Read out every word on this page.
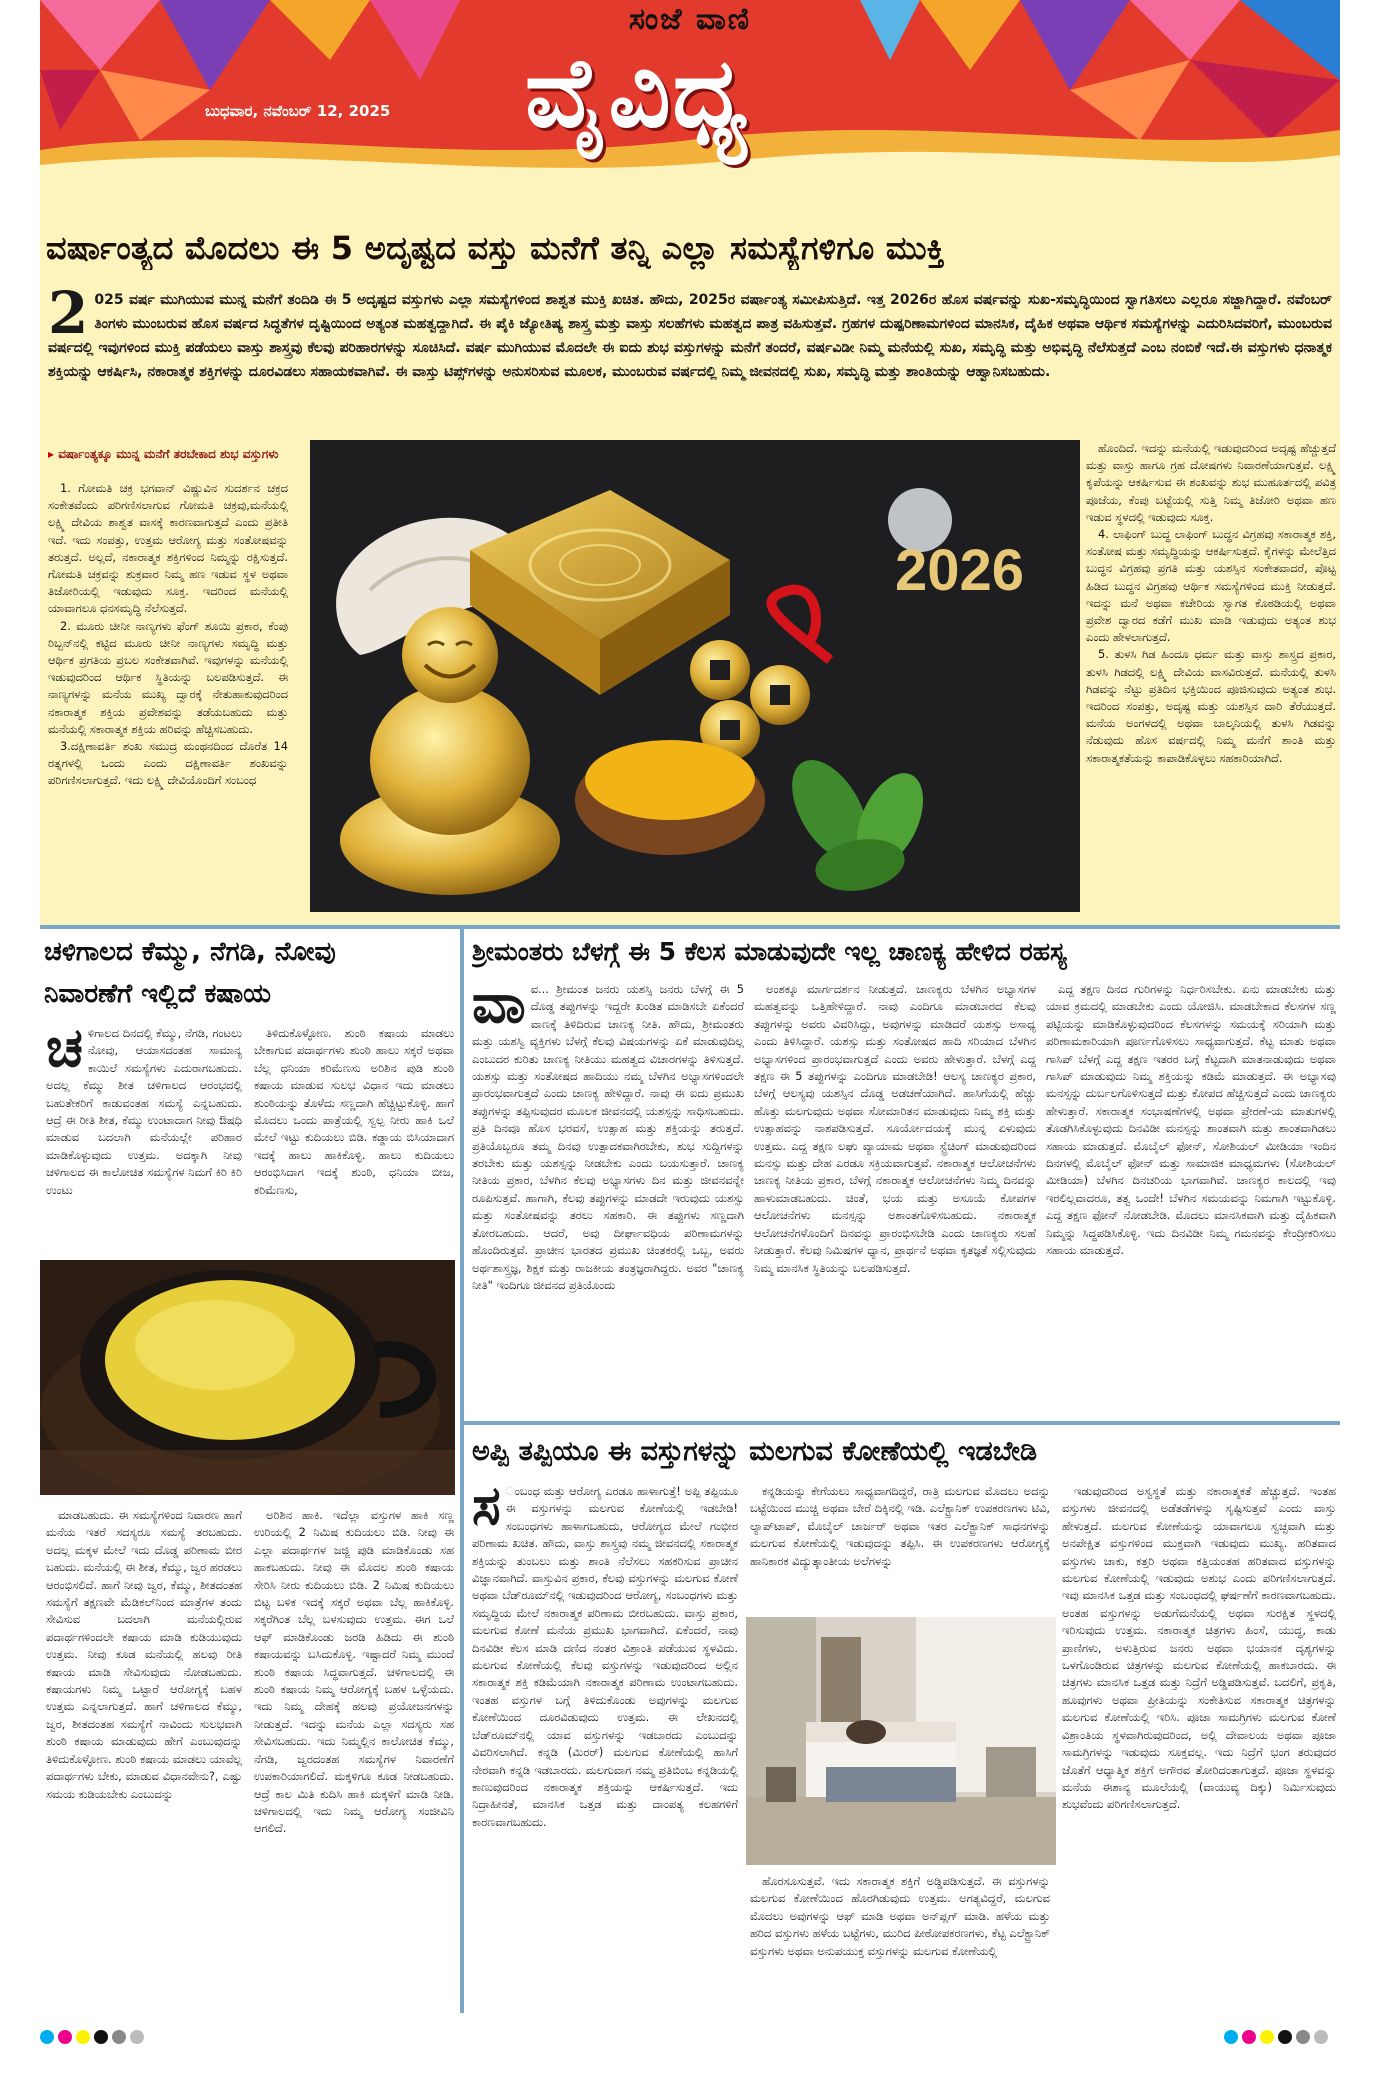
ಸಂಜೆ ವಾಣಿ
ವೈವಿಧ್ಯ
ಬುಧವಾರ, ನವೆಂಬರ್ 12, 2025
ವರ್ಷಾಂತ್ಯದ ಮೊದಲು ಈ 5 ಅದೃಷ್ಟದ ವಸ್ತು ಮನೆಗೆ ತನ್ನಿ ಎಲ್ಲಾ ಸಮಸ್ಯೆಗಳಿಗೂ ಮುಕ್ತಿ
2 025 ವರ್ಷ ಮುಗಿಯುವ ಮುನ್ನ ಮನೆಗೆ ತಂದಿಡಿ ಈ 5 ಅದೃಷ್ಟದ ವಸ್ತುಗಳು ಎಲ್ಲಾ ಸಮಸ್ಯೆಗಳಿಂದ ಶಾಶ್ವತ ಮುಕ್ತಿ ಖಚಿತ. ಹೌದು, 2025ರ ವರ್ಷಾಂತ್ಯ ಸಮೀಪಿಸುತ್ತಿದೆ. ಇತ್ತ 2026ರ ಹೊಸ ವರ್ಷವನ್ನು ಸುಖ-ಸಮೃದ್ಧಿಯಿಂದ ಸ್ವಾಗತಿಸಲು ಎಲ್ಲರೂ ಸಜ್ಜಾಗಿದ್ದಾರೆ. ನವೆಂಬರ್ ತಿಂಗಳು ಮುಂಬರುವ ಹೊಸ ವರ್ಷದ ಸಿದ್ಧತೆಗಳ ದೃಷ್ಟಿಯಿಂದ ಅತ್ಯಂತ ಮಹತ್ವದ್ದಾಗಿದೆ. ಈ ಪೈಕಿ ಜ್ಯೋತಿಷ್ಯ ಶಾಸ್ತ್ರ ಮತ್ತು ವಾಸ್ತು ಸಲಹೆಗಳು ಮಹತ್ವದ ಪಾತ್ರ ವಹಿಸುತ್ತವೆ. ಗ್ರಹಗಳ ದುಷ್ಪರಿಣಾಮಗಳಿಂದ ಮಾನಸಿಕ, ದೈಹಿಕ ಅಥವಾ ಆರ್ಥಿಕ ಸಮಸ್ಯೆಗಳನ್ನು ಎದುರಿಸಿದವರಿಗೆ, ಮುಂಬರುವ ವರ್ಷದಲ್ಲಿ ಇವುಗಳಿಂದ ಮುಕ್ತಿ ಪಡೆಯಲು ವಾಸ್ತು ಶಾಸ್ತ್ರವು ಕೆಲವು ಪರಿಹಾರಗಳನ್ನು ಸೂಚಿಸಿದೆ. ವರ್ಷ ಮುಗಿಯುವ ಮೊದಲೇ ಈ ಐದು ಶುಭ ವಸ್ತುಗಳನ್ನು ಮನೆಗೆ ತಂದರೆ, ವರ್ಷವಿಡೀ ನಿಮ್ಮ ಮನೆಯಲ್ಲಿ ಸುಖ, ಸಮೃದ್ಧಿ ಮತ್ತು ಅಭಿವೃದ್ಧಿ ನೆಲೆಸುತ್ತದೆ ಎಂಬ ನಂಬಿಕೆ ಇದೆ.ಈ ವಸ್ತುಗಳು ಧನಾತ್ಮಕ ಶಕ್ತಿಯನ್ನು ಆಕರ್ಷಿಸಿ, ನಕಾರಾತ್ಮಕ ಶಕ್ತಿಗಳನ್ನು ದೂರವಿಡಲು ಸಹಾಯಕವಾಗಿವೆ. ಈ ವಾಸ್ತು ಟಿಪ್ಸ್‌ಗಳನ್ನು ಅನುಸರಿಸುವ ಮೂಲಕ, ಮುಂಬರುವ ವರ್ಷದಲ್ಲಿ ನಿಮ್ಮ ಜೀವನದಲ್ಲಿ ಸುಖ, ಸಮೃದ್ಧಿ ಮತ್ತು ಶಾಂತಿಯನ್ನು ಆಹ್ವಾನಿಸಬಹುದು.
▸ ವರ್ಷಾಂತ್ಯಕ್ಕೂ ಮುನ್ನ ಮನೆಗೆ ತರಬೇಕಾದ ಶುಭ ವಸ್ತುಗಳು

1. ಗೋಮತಿ ಚಕ್ರ ಭಗವಾನ್ ವಿಷ್ಣುವಿನ ಸುದರ್ಶನ ಚಕ್ರದ ಸಂಕೇತವೆಂದು ಪರಿಗಣಿಸಲಾಗುವ ಗೋಮತಿ ಚಕ್ರವು,ಮನೆಯಲ್ಲಿ ಲಕ್ಷ್ಮಿ ದೇವಿಯ ಶಾಶ್ವತ ವಾಸಕ್ಕೆ ಕಾರಣವಾಗುತ್ತದೆ ಎಂದು ಪ್ರತೀತಿ ಇದೆ. ಇದು ಸಂಪತ್ತು, ಉತ್ತಮ ಆರೋಗ್ಯ ಮತ್ತು ಸಂತೋಷವನ್ನು ತರುತ್ತದೆ. ಅಲ್ಲದೆ, ನಕಾರಾತ್ಮಕ ಶಕ್ತಿಗಳಿಂದ ನಿಮ್ಮನ್ನು ರಕ್ಷಿಸುತ್ತದೆ. ಗೋಮತಿ ಚಕ್ರವನ್ನು ಶುಕ್ರವಾರ ನಿಮ್ಮ ಹಣ ಇಡುವ ಸ್ಥಳ ಅಥವಾ ತಿಜೋರಿಯಲ್ಲಿ ಇಡುವುದು ಸೂಕ್ತ. ಇದರಿಂದ ಮನೆಯಲ್ಲಿ ಯಾವಾಗಲೂ ಧನಸಮೃದ್ಧಿ ನೆಲೆಸುತ್ತದೆ.

2. ಮೂರು ಚೀನೀ ನಾಣ್ಯಗಳು ಫೆಂಗ್ ಶೂಯಿ ಪ್ರಕಾರ, ಕೆಂಪು ರಿಬ್ಬನ್‌ನಲ್ಲಿ ಕಟ್ಟಿದ ಮೂರು ಚೀನೀ ನಾಣ್ಯಗಳು ಸಮೃದ್ಧಿ ಮತ್ತು ಆರ್ಥಿಕ ಪ್ರಗತಿಯ ಪ್ರಬಲ ಸಂಕೇತವಾಗಿವೆ. ಇವುಗಳನ್ನು ಮನೆಯಲ್ಲಿ ಇಡುವುದರಿಂದ ಆರ್ಥಿಕ ಸ್ಥಿತಿಯನ್ನು ಬಲಪಡಿಸುತ್ತದೆ. ಈ ನಾಣ್ಯಗಳನ್ನು ಮನೆಯ ಮುಖ್ಯ ದ್ವಾರಕ್ಕೆ ನೇತುಹಾಕುವುದರಿಂದ ನಕಾರಾತ್ಮಕ ಶಕ್ತಿಯ ಪ್ರವೇಶವನ್ನು ತಡೆಯಬಹುದು ಮತ್ತು ಮನೆಯಲ್ಲಿ ಸಕಾರಾತ್ಮಕ ಶಕ್ತಿಯ ಹರಿವನ್ನು ಹೆಚ್ಚಿಸಬಹುದು.

3.ದಕ್ಷಿಣಾವರ್ತಿ ಶಂಖ ಸಮುದ್ರ ಮಂಥನದಿಂದ ದೊರೆತ 14 ರತ್ನಗಳಲ್ಲಿ ಒಂದು ಎಂದು ದಕ್ಷಿಣಾವರ್ತಿ ಶಂಖವನ್ನು ಪರಿಗಣಿಸಲಾಗುತ್ತದೆ. ಇದು ಲಕ್ಷ್ಮಿ ದೇವಿಯೊಂದಿಗೆ ಸಂಬಂಧ

2026

ಹೊಂದಿದೆ. ಇದನ್ನು ಮನೆಯಲ್ಲಿ ಇಡುವುದರಿಂದ ಅದೃಷ್ಟ ಹೆಚ್ಚುತ್ತದೆ ಮತ್ತು ವಾಸ್ತು ಹಾಗೂ ಗ್ರಹ ದೋಷಗಳು ನಿವಾರಣೆಯಾಗುತ್ತವೆ. ಲಕ್ಷ್ಮಿ ಕೃಪೆಯನ್ನು ಆಕರ್ಷಿಸುವ ಈ ಶಂಖವನ್ನು ಶುಭ ಮುಹೂರ್ತದಲ್ಲಿ ಪವಿತ್ರ ಪೂಜೆಯ, ಕೆಂಪು ಬಟ್ಟೆಯಲ್ಲಿ ಸುತ್ತಿ ನಿಮ್ಮ ತಿಜೋರಿ ಅಥವಾ ಹಣ ಇಡುವ ಸ್ಥಳದಲ್ಲಿ ಇಡುವುದು ಸೂಕ್ತ.

4. ಲಾಫಿಂಗ್ ಬುದ್ಧ ಲಾಫಿಂಗ್ ಬುದ್ಧನ ವಿಗ್ರಹವು ಸಕಾರಾತ್ಮಕ ಶಕ್ತಿ, ಸಂತೋಷ ಮತ್ತು ಸಮೃದ್ಧಿಯನ್ನು ಆಕರ್ಷಿಸುತ್ತದೆ. ಕೈಗಳನ್ನು ಮೇಲೆತ್ತಿದ ಬುದ್ಧನ ವಿಗ್ರಹವು ಪ್ರಗತಿ ಮತ್ತು ಯಶಸ್ಸಿನ ಸಂಕೇತವಾದರೆ, ಪೊಟ್ಟ ಹಿಡಿದ ಬುದ್ಧನ ವಿಗ್ರಹವು ಆರ್ಥಿಕ ಸಮಸ್ಯೆಗಳಿಂದ ಮುಕ್ತಿ ನೀಡುತ್ತದೆ. ಇದನ್ನು ಮನೆ ಅಥವಾ ಕಚೇರಿಯ ಸ್ವಾಗತ ಕೊಠಡಿಯಲ್ಲಿ ಅಥವಾ ಪ್ರವೇಶ ದ್ವಾರದ ಕಡೆಗೆ ಮುಖ ಮಾಡಿ ಇಡುವುದು ಅತ್ಯಂತ ಶುಭ ಎಂದು ಹೇಳಲಾಗುತ್ತದೆ.

5. ತುಳಸಿ ಗಿಡ ಹಿಂದೂ ಧರ್ಮ ಮತ್ತು ವಾಸ್ತು ಶಾಸ್ತ್ರದ ಪ್ರಕಾರ, ತುಳಸಿ ಗಿಡದಲ್ಲಿ ಲಕ್ಷ್ಮಿ ದೇವಿಯ ವಾಸವಿರುತ್ತದೆ. ಮನೆಯಲ್ಲಿ ತುಳಸಿ ಗಿಡವನ್ನು ನೆಟ್ಟು ಪ್ರತಿದಿನ ಭಕ್ತಿಯಿಂದ ಪೂಜಿಸುವುದು ಅತ್ಯಂತ ಶುಭ. ಇದರಿಂದ ಸಂಪತ್ತು, ಅದೃಷ್ಟ ಮತ್ತು ಯಶಸ್ಸಿನ ದಾರಿ ತೆರೆಯುತ್ತದೆ. ಮನೆಯ ಅಂಗಳದಲ್ಲಿ ಅಥವಾ ಬಾಲ್ಕನಿಯಲ್ಲಿ ತುಳಸಿ ಗಿಡವನ್ನು ನೆಡುವುದು ಹೊಸ ವರ್ಷದಲ್ಲಿ ನಿಮ್ಮ ಮನೆಗೆ ಶಾಂತಿ ಮತ್ತು ಸಕಾರಾತ್ಮಕತೆಯನ್ನು ಕಾಪಾಡಿಕೊಳ್ಳಲು ಸಹಕಾರಿಯಾಗಿದೆ.

ಚಳಿಗಾಲದ ಕೆಮ್ಮು, ನೆಗಡಿ, ನೋವು
ನಿವಾರಣೆಗೆ ಇಲ್ಲಿದೆ ಕಷಾಯ
ಚ ಳಿಗಾಲದ ದಿನದಲ್ಲಿ ಕೆಮ್ಮು, ನೆಗಡಿ, ಗಂಟಲು ನೋವು, ಆಯಾಸದಂತಹ ಸಾಮಾನ್ಯ ಕಾಯಿಲೆ ಸಮಸ್ಯೆಗಳು ಎದುರಾಗಬಹುದು. ಅದಲ್ಲ ಕೆಮ್ಮು ಶೀತ ಚಳಿಗಾಲದ ಆರಂಭದಲ್ಲಿ ಬಹುತೇಕರಿಗೆ ಕಾಡುವಂತಹ ಸಮಸ್ಯೆ ಎನ್ನಬಹುದು. ಆದ್ರೆ ಈ ರೀತಿ ಶೀತ, ಕೆಮ್ಮು ಉಂಟಾದಾಗ ನೀವು ಔಷಧಿ ಮಾಡುವ ಬದಲಾಗಿ ಮನೆಯಲ್ಲೇ ಪರಿಹಾರ ಮಾಡಿಕೊಳ್ಳುವುದು ಉತ್ತಮ. ಅದಕ್ಕಾಗಿ ನೀವು ಚಳಿಗಾಲದ ಈ ಕಾಲೋಚಿತ ಸಮಸ್ಯೆಗಳ ನಿಮಗೆ ಕಿರಿ ಕಿರಿ ಉಂಟು

ತಿಳಿದುಕೊಳ್ಳೋಣ. ಶುಂಠಿ ಕಷಾಯ ಮಾಡಲು ಬೇಕಾಗುವ ಪದಾರ್ಥಗಳು ಶುಂಠಿ ಹಾಲು ಸಕ್ಕರೆ ಅಥವಾ ಬೆಲ್ಲ ಧನಿಯಾ ಕರಿಮೆಣಸು ಅರಿಶಿನ ಪುಡಿ ಶುಂಠಿ ಕಷಾಯ ಮಾಡುವ ಸುಲಭ ವಿಧಾನ ಇದು ಮಾಡಲು ಶುಂಠಿಯನ್ನು ತೊಳೆದು ಸಣ್ಣದಾಗಿ ಹೆಚ್ಚಿಟ್ಟುಕೊಳ್ಳಿ. ಹಾಗೆ ಮೊದಲು ಒಂದು ಪಾತ್ರೆಯಲ್ಲಿ ಸ್ವಲ್ಪ ನೀರು ಹಾಕಿ ಒಲೆ ಮೇಲೆ ಇಟ್ಟು ಕುದಿಯಲು ಬಿಡಿ. ಕಡ್ಡಾಯ ಬಿಸಿಯಾದಾಗ ಇದಕ್ಕೆ ಹಾಲು ಹಾಕಿಕೊಳ್ಳಿ. ಹಾಲು ಕುದಿಯಲು ಆರಂಭಿಸಿದಾಗ ಇದಕ್ಕೆ ಶುಂಠಿ, ಧನಿಯಾ ಬೀಜ, ಕರಿಮೆಣಸು,

ಮಾಡಬಹುದು. ಈ ಸಮಸ್ಯೆಗಳಿಂದ ನಿವಾರಣ ಹಾಗೆ ಮನೆಯ ಇತರೆ ಸದಸ್ಯರೂ ಸಮಸ್ಯೆ ತರಬಹುದು. ಅದಲ್ಲ ಮಕ್ಕಳ ಮೇಲೆ ಇದು ದೊಡ್ಡ ಪರಿಣಾಮ ಬೀರ ಬಹುದು. ಮನೆಯಲ್ಲಿ ಈ ಶೀತ, ಕೆಮ್ಮು, ಜ್ವರ ಹರಡಲು ಆರಂಭಿಸಲಿದೆ. ಹಾಗೆ ನೀವು ಜ್ವರ, ಕೆಮ್ಮು, ಶೀತದಂತಹ ಸಮಸ್ಯೆಗೆ ತಕ್ಷಣವೇ ಮೆಡಿಕಲ್‌ನಿಂದ ಮಾತ್ರೆಗಳ ತಂದು ಸೇವಿಸುವ ಬದಲಾಗಿ ಮನೆಯಲ್ಲಿರುವ ಪದಾರ್ಥಗಳಿಂದಲೇ ಕಷಾಯ ಮಾಡಿ ಕುಡಿಯುವುದು ಉತ್ತಮ. ನೀವು ಕೂಡ ಮನೆಯಲ್ಲಿ ಹಲವು ರೀತಿ ಕಷಾಯ ಮಾಡಿ ಸೇವಿಸುವುದು ನೋಡಬಹುದು. ಕಷಾಯಗಳು ನಿಮ್ಮ ಒಟ್ಟಾರೆ ಆರೋಗ್ಯಕ್ಕೆ ಬಹಳ ಉತ್ತಮ ಎನ್ನಲಾಗುತ್ತದೆ. ಹಾಗೆ ಚಳಿಗಾಲದ ಕೆಮ್ಮು, ಜ್ವರ, ಶೀತದಂತಹ ಸಮಸ್ಯೆಗೆ ನಾವಿಂದು ಸುಲಭವಾಗಿ ಶುಂಠಿ ಕಷಾಯ ಮಾಡುವುದು ಹೇಗೆ ಎಂಬುವುದನ್ನು ತಿಳಿದುಕೊಳ್ಳೋಣ. ಶುಂಠಿ ಕಷಾಯ ಮಾಡಲು ಯಾವೆಲ್ಲ ಪದಾರ್ಥಗಳು ಬೇಕು, ಮಾಡುವ ವಿಧಾನವೇನು?, ಎಷ್ಟು ಸಮಯ ಕುಡಿಯಬೇಕು ಎಂಬುದನ್ನು

ಅರಿಶಿನ ಹಾಕಿ. ಇದೆಲ್ಲಾ ವಸ್ತುಗಳ ಹಾಕಿ ಸಣ್ಣ ಉರಿಯಲ್ಲಿ 2 ನಿಮಿಷ ಕುದಿಯಲು ಬಿಡಿ. ನೀವು ಈ ಎಲ್ಲಾ ಪದಾರ್ಥಗಳ ಜಜ್ಜಿ ಪುಡಿ ಮಾಡಿಕೊಂಡು ಸಹ ಹಾಕಬಹುದು. ನೀವು ಈ ಮೊದಲ ಶುಂಠಿ ಕಷಾಯ ಸೇರಿಸಿ ನೀರು ಕುದಿಯಲು ಬಿಡಿ. 2 ನಿಮಿಷ ಕುದಿಯಲು ಬಿಟ್ಟ ಬಳಿಕ ಇದಕ್ಕೆ ಸಕ್ಕರೆ ಅಥವಾ ಬೆಲ್ಲ ಹಾಕಿಕೊಳ್ಳಿ. ಸಕ್ಕರೆಗಿಂತ ಬೆಲ್ಲ ಬಳಸುವುದು ಉತ್ತಮ. ಈಗ ಒಲೆ ಆಫ್ ಮಾಡಿಕೊಂಡು ಜರಡಿ ಹಿಡಿದು ಈ ಶುಂಠಿ ಕಷಾಯವನ್ನು ಬಸಿದುಕೊಳ್ಳಿ. ಇಷ್ಟಾದರೆ ನಿಮ್ಮ ಮುಂದೆ ಶುಂಠಿ ಕಷಾಯ ಸಿದ್ಧವಾಗುತ್ತದೆ. ಚಳಿಗಾಲದಲ್ಲಿ ಈ ಶುಂಠಿ ಕಷಾಯ ನಿಮ್ಮ ಆರೋಗ್ಯಕ್ಕೆ ಬಹಳ ಒಳ್ಳೆಯದು. ಇದು ನಿಮ್ಮ ದೇಹಕ್ಕೆ ಹಲವು ಪ್ರಯೋಜನಗಳನ್ನು ನೀಡುತ್ತದೆ. ಇದನ್ನು ಮನೆಯ ಎಲ್ಲಾ ಸದಸ್ಯರು ಸಹ ಸೇವಿಸಬಹುದು. ಇದು ನಿಮ್ಮಲ್ಲಿನ ಕಾಲೋಚಿತ ಕೆಮ್ಮು, ನೆಗಡಿ, ಜ್ವರದಂತಹ ಸಮಸ್ಯೆಗಳ ನಿವಾರಣೆಗೆ ಉಪಕಾರಿಯಾಗಲಿದೆ. ಮಕ್ಕಳಿಗೂ ಕೂಡ ನೀಡಬಹುದು. ಆದ್ರೆ ಕಾಲ ಮಿತಿ ಕುದಿಸಿ ಹಾಕಿ ಮಕ್ಕಳಿಗೆ ಮಾಡಿ ನೀಡಿ. ಚಳಿಗಾಲದಲ್ಲಿ ಇದು ನಿಮ್ಮ ಆರೋಗ್ಯ ಸಂಜೀವಿನಿ ಆಗಲಿದೆ.

ಶ್ರೀಮಂತರು ಬೆಳಗ್ಗೆ ಈ 5 ಕೆಲಸ ಮಾಡುವುದೇ ಇಲ್ಲ ಚಾಣಕ್ಯ ಹೇಳಿದ ರಹಸ್ಯ
ವಾ ವ... ಶ್ರೀಮಂತ ಜನರು ಯಶಸ್ಸಿ ಜನರು ಬೆಳಗ್ಗೆ ಈ 5 ದೊಡ್ಡ ತಪ್ಪುಗಳನ್ನು ಇದ್ದರೇ ಖಂಡಿತ ಮಾಡಿಸಬೇ ಏಕೆಂದರೆ ವಾಣಕ್ಕೆ ತಿಳಿದಿರುವ ಚಾಣಕ್ಯ ನೀತಿ. ಹೌದು, ಶ್ರೀಮಂತರು ಮತ್ತು ಯಶಸ್ವಿ ವ್ಯಕ್ತಿಗಳು ಬೆಳಗ್ಗೆ ಕೆಲವು ವಿಷಯಗಳನ್ನು ಏಕೆ ಮಾಡುವುದಿಲ್ಲ ಎಂಬುದರ ಕುರಿತು ಚಾಣಕ್ಯ ನೀತಿಯು ಮಹತ್ವದ ವಿಚಾರಗಳನ್ನು ತಿಳಿಸುತ್ತದೆ. ಯಶಸ್ಸು ಮತ್ತು ಸಂತೋಷದ ಹಾದಿಯು ನಮ್ಮ ಬೆಳಗಿನ ಅಭ್ಯಾಸಗಳಿಂದಲೇ ಪ್ರಾರಂಭವಾಗುತ್ತದೆ ಎಂದು ಚಾಣಕ್ಯ ಹೇಳಿದ್ದಾರೆ. ನಾವು ಈ ಐದು ಪ್ರಮುಖ ತಪ್ಪುಗಳನ್ನು ತಪ್ಪಿಸುವುದರ ಮೂಲಕ ಜೀವನದಲ್ಲಿ ಯಶಸ್ಸನ್ನು ಸಾಧಿಸಬಹುದು. ಪ್ರತಿ ದಿನವೂ ಹೊಸ ಭರವಸೆ, ಉತ್ಸಾಹ ಮತ್ತು ಶಕ್ತಿಯನ್ನು ತರುತ್ತದೆ. ಪ್ರತಿಯೊಬ್ಬರೂ ತಮ್ಮ ದಿನವು ಉತ್ಪಾದಕವಾಗಿರಬೇಕು, ಶುಭ ಸುದ್ದಿಗಳನ್ನು ತರಬೇಕು ಮತ್ತು ಯಶಸ್ಸನ್ನು ನೀಡಬೇಕು ಎಂದು ಬಯಸುತ್ತಾರೆ. ಚಾಣಕ್ಯ ನೀತಿಯ ಪ್ರಕಾರ, ಬೆಳಗಿನ ಕೆಲವು ಅಭ್ಯಾಸಗಳು ದಿನ ಮತ್ತು ಜೀವನವನ್ನೇ ರೂಪಿಸುತ್ತವೆ. ಹಾಗಾಗಿ, ಕೆಲವು ತಪ್ಪುಗಳನ್ನು ಮಾಡದೇ ಇರುವುದು ಯಶಸ್ಸು ಮತ್ತು ಸಂತೋಷವನ್ನು ತರಲು ಸಹಕಾರಿ. ಈ ತಪ್ಪುಗಳು ಸಣ್ಣದಾಗಿ ತೋರಬಹುದು. ಆದರೆ, ಅವು ದೀರ್ಘಾವಧಿಯ ಪರಿಣಾಮಗಳನ್ನು ಹೊಂದಿರುತ್ತವೆ. ಪ್ರಾಚೀನ ಭಾರತದ ಪ್ರಮುಖ ಚಿಂತಕರಲ್ಲಿ ಒಬ್ಬ, ಅವರು ಅರ್ಥಶಾಸ್ತ್ರಜ್ಞ, ಶಿಕ್ಷಕ ಮತ್ತು ರಾಜಕೀಯ ತಂತ್ರಜ್ಞರಾಗಿದ್ದರು. ಅವರ "ಚಾಣಕ್ಯ ನೀತಿ" ಇಂದಿಗೂ ಜೀವನದ ಪ್ರತಿಯೊಂದು

ಅಂಶಕ್ಕೂ ಮಾರ್ಗದರ್ಶನ ನೀಡುತ್ತದೆ. ಚಾಣಕ್ಯರು ಬೆಳಗಿನ ಅಭ್ಯಾಸಗಳ ಮಹತ್ವವನ್ನು ಒತ್ತಿಹೇಳಿದ್ದಾರೆ. ನಾವು ಎಂದಿಗೂ ಮಾಡಬಾರದ ಕೆಲವು ತಪ್ಪುಗಳನ್ನು ಅವರು ವಿವರಿಸಿದ್ದು, ಅವುಗಳನ್ನು ಮಾಡಿದರೆ ಯಶಸ್ಸು ಅಸಾಧ್ಯ ಎಂದು ತಿಳಿಸಿದ್ದಾರೆ. ಯಶಸ್ಸು ಮತ್ತು ಸಂತೋಷದ ಹಾದಿ ಸರಿಯಾದ ಬೆಳಗಿನ ಅಭ್ಯಾಸಗಳಿಂದ ಪ್ರಾರಂಭವಾಗುತ್ತದೆ ಎಂದು ಅವರು ಹೇಳುತ್ತಾರೆ. ಬೆಳಗ್ಗೆ ಎದ್ದ ತಕ್ಷಣ ಈ 5 ತಪ್ಪುಗಳನ್ನು ಎಂದಿಗೂ ಮಾಡಬೇಡಿ! ಆಲಸ್ಯ ಚಾಣಕ್ಯರ ಪ್ರಕಾರ, ಬೆಳಗ್ಗೆ ಆಲಸ್ಯವು ಯಶಸ್ಸಿನ ದೊಡ್ಡ ಅಡಚಣೆಯಾಗಿದೆ. ಹಾಸಿಗೆಯಲ್ಲಿ ಹೆಚ್ಚು ಹೊತ್ತು ಮಲಗುವುದು ಅಥವಾ ಸೋಮಾರಿತನ ಮಾಡುವುದು ನಿಮ್ಮ ಶಕ್ತಿ ಮತ್ತು ಉತ್ಸಾಹವನ್ನು ನಾಶಪಡಿಸುತ್ತದೆ. ಸೂರ್ಯೋದಯಕ್ಕೆ ಮುನ್ನ ಏಳುವುದು ಉತ್ತಮ. ಎದ್ದ ತಕ್ಷಣ ಲಘು ವ್ಯಾಯಾಮ ಅಥವಾ ಸ್ಟ್ರೆಚಿಂಗ್ ಮಾಡುವುದರಿಂದ ಮನಸ್ಸು ಮತ್ತು ದೇಹ ಎರಡೂ ಸಕ್ರಿಯವಾಗುತ್ತವೆ. ನಕಾರಾತ್ಮಕ ಆಲೋಚನೆಗಳು ಚಾಣಕ್ಯ ನೀತಿಯ ಪ್ರಕಾರ, ಬೆಳಗ್ಗೆ ನಕಾರಾತ್ಮಕ ಆಲೋಚನೆಗಳು ನಿಮ್ಮ ದಿನವನ್ನು ಹಾಳುಮಾಡಬಹುದು. ಚಿಂತೆ, ಭಯ ಮತ್ತು ಅಸೂಯೆ ಕೋಪಗಳ ಆಲೋಚನೆಗಳು ಮನಸ್ಸನ್ನು ಅಶಾಂತಗೊಳಿಸಬಹುದು. ನಕಾರಾತ್ಮಕ ಆಲೋಚನೆಗಳೊಂದಿಗೆ ದಿನವನ್ನು ಪ್ರಾರಂಭಿಸಬೇಡಿ ಎಂದು ಚಾಣಕ್ಯರು ಸಲಹೆ ನೀಡುತ್ತಾರೆ. ಕೆಲವು ನಿಮಿಷಗಳ ಧ್ಯಾನ, ಪ್ರಾರ್ಥನೆ ಅಥವಾ ಕೃತಜ್ಞತೆ ಸಲ್ಲಿಸುವುದು ನಿಮ್ಮ ಮಾನಸಿಕ ಸ್ಥಿತಿಯನ್ನು ಬಲಪಡಿಸುತ್ತದೆ.

ಎದ್ದ ತಕ್ಷಣ ದಿನದ ಗುರಿಗಳನ್ನು ನಿರ್ಧರಿಸಬೇಕು. ಏನು ಮಾಡಬೇಕು ಮತ್ತು ಯಾವ ಕ್ರಮದಲ್ಲಿ ಮಾಡಬೇಕು ಎಂದು ಯೋಜಿಸಿ. ಮಾಡಬೇಕಾದ ಕೆಲಸಗಳ ಸಣ್ಣ ಪಟ್ಟಿಯನ್ನು ಮಾಡಿಕೊಳ್ಳುವುದರಿಂದ ಕೆಲಸಗಳನ್ನು ಸಮಯಕ್ಕೆ ಸರಿಯಾಗಿ ಮತ್ತು ಪರಿಣಾಮಕಾರಿಯಾಗಿ ಪೂರ್ಣಗೊಳಿಸಲು ಸಾಧ್ಯವಾಗುತ್ತದೆ. ಕೆಟ್ಟ ಮಾತು ಅಥವಾ ಗಾಸಿಪ್ ಬೆಳಗ್ಗೆ ಎದ್ದ ತಕ್ಷಣ ಇತರರ ಬಗ್ಗೆ ಕೆಟ್ಟದಾಗಿ ಮಾತನಾಡುವುದು ಅಥವಾ ಗಾಸಿಪ್ ಮಾಡುವುದು ನಿಮ್ಮ ಶಕ್ತಿಯನ್ನು ಕಡಿಮೆ ಮಾಡುತ್ತದೆ. ಈ ಅಭ್ಯಾಸವು ಮನಸ್ಸನ್ನು ದುರ್ಬಲಗೊಳಿಸುತ್ತದೆ ಮತ್ತು ಕೋಪದ ಹೆಚ್ಚಿಸುತ್ತದೆ ಎಂದು ಚಾಣಕ್ಯರು ಹೇಳುತ್ತಾರೆ. ಸಕಾರಾತ್ಮಕ ಸಂಭಾಷಣೆಗಳಲ್ಲಿ ಅಥವಾ ಪ್ರೇರಣೆ-ಯ ಮಾತುಗಳಲ್ಲಿ ತೊಡಗಿಸಿಕೊಳ್ಳುವುದು ದಿನವಿಡೀ ಮನಸ್ಸನ್ನು ಶಾಂತವಾಗಿ ಮತ್ತು ಶಾಂತವಾಗಿಡಲು ಸಹಾಯ ಮಾಡುತ್ತದೆ. ಮೊಬೈಲ್ ಫೋನ್, ಸೋಶಿಯಲ್ ಮೀಡಿಯಾ ಇಂದಿನ ದಿನಗಳಲ್ಲಿ ಮೊಬೈಲ್ ಫೋನ್ ಮತ್ತು ಸಾಮಾಜಿಕ ಮಾಧ್ಯಮಗಳು (ಸೋಶಿಯಲ್ ಮೀಡಿಯಾ) ಬೆಳಗಿನ ದಿನಚರಿಯ ಭಾಗವಾಗಿವೆ. ಚಾಣಕ್ಯರ ಕಾಲದಲ್ಲಿ ಇವು ಇರಲಿಲ್ಲವಾದರೂ, ತತ್ವ ಒಂದೇ! ಬೆಳಗಿನ ಸಮಯವನ್ನು ನಿಮಗಾಗಿ ಇಟ್ಟುಕೊಳ್ಳಿ. ಎದ್ದ ತಕ್ಷಣ ಫೋನ್ ನೋಡಬೇಡಿ. ಮೊದಲು ಮಾನಸಿಕವಾಗಿ ಮತ್ತು ದೈಹಿಕವಾಗಿ ನಿಮ್ಮನ್ನು ಸಿದ್ಧಪಡಿಸಿಕೊಳ್ಳಿ. ಇದು ದಿನವಿಡೀ ನಿಮ್ಮ ಗಮನವನ್ನು ಕೇಂದ್ರೀಕರಿಸಲು ಸಹಾಯ ಮಾಡುತ್ತದೆ.

ಅಪ್ಪಿ ತಪ್ಪಿಯೂ ಈ ವಸ್ತುಗಳನ್ನು ಮಲಗುವ ಕೋಣೆಯಲ್ಲಿ ಇಡಬೇಡಿ
ಸ ಂಬಂಧ ಮತ್ತು ಆರೋಗ್ಯ ಎರಡೂ ಹಾಳಾಗುತ್ತೆ! ಅಪ್ಪಿ ತಪ್ಪಿಯೂ ಈ ವಸ್ತುಗಳನ್ನು ಮಲಗುವ ಕೋಣೆಯಲ್ಲಿ ಇಡಬೇಡಿ! ಸಂಬಂಧಗಳು ಹಾಳಾಗಬಹುದು, ಆರೋಗ್ಯದ ಮೇಲೆ ಗಂಭೀರ ಪರಿಣಾಮ ಖಚಿತ. ಹೌದು, ವಾಸ್ತು ಶಾಸ್ತ್ರವು ನಮ್ಮ ಜೀವನದಲ್ಲಿ ಸಕಾರಾತ್ಮಕ ಶಕ್ತಿಯನ್ನು ತುಂಬಲು ಮತ್ತು ಶಾಂತಿ ನೆಲೆಸಲು ಸಹಕರಿಸುವ ಪ್ರಾಚೀನ ವಿಜ್ಞಾನವಾಗಿದೆ. ವಾಸ್ತುವಿನ ಪ್ರಕಾರ, ಕೆಲವು ವಸ್ತುಗಳನ್ನು ಮಲಗುವ ಕೋಣೆ ಅಥವಾ ಬೆಡ್‌ರೂಮ್‌ನಲ್ಲಿ ಇಡುವುದರಿಂದ ಆರೋಗ್ಯ, ಸಂಬಂಧಗಳು ಮತ್ತು ಸಮೃದ್ಧಿಯ ಮೇಲೆ ನಕಾರಾತ್ಮಕ ಪರಿಣಾಮ ಬೀರಬಹುದು. ವಾಸ್ತು ಪ್ರಕಾರ, ಮಲಗುವ ಕೋಣೆ ಮನೆಯ ಪ್ರಮುಖ ಭಾಗವಾಗಿದೆ. ಏಕೆಂದರೆ, ನಾವು ದಿನವಿಡೀ ಕೆಲಸ ಮಾಡಿ ದಣಿದ ನಂತರ ವಿಶ್ರಾಂತಿ ಪಡೆಯುವ ಸ್ಥಳವಿದು. ಮಲಗುವ ಕೋಣೆಯಲ್ಲಿ ಕೆಲವು ವಸ್ತುಗಳನ್ನು ಇಡುವುದರಿಂದ ಅಲ್ಲಿನ ಸಕಾರಾತ್ಮಕ ಶಕ್ತಿ ಕಡಿಮೆಯಾಗಿ ನಕಾರಾತ್ಮಕ ಪರಿಣಾಮ ಉಂಟಾಗಬಹುದು. ಇಂತಹ ವಸ್ತುಗಳ ಬಗ್ಗೆ ತಿಳಿದುಕೊಂಡು ಅವುಗಳನ್ನು ಮಲಗುವ ಕೋಣೆಯಿಂದ ದೂರವಿಡುವುದು ಉತ್ತಮ. ಈ ಲೇಖನದಲ್ಲಿ ಬೆಡ್‌ರೂಮ್‌ನಲ್ಲಿ ಯಾವ ವಸ್ತುಗಳನ್ನು ಇಡಬಾರದು ಎಂಬುದನ್ನು ವಿವರಿಸಲಾಗಿದೆ. ಕನ್ನಡಿ (ಮಿರರ್) ಮಲಗುವ ಕೋಣೆಯಲ್ಲಿ ಹಾಸಿಗೆ ನೇರವಾಗಿ ಕನ್ನಡಿ ಇಡಬಾರದು. ಮಲಗುವಾಗ ನಮ್ಮ ಪ್ರತಿಬಿಂಬ ಕನ್ನಡಿಯಲ್ಲಿ ಕಾಣುವುದರಿಂದ ನಕಾರಾತ್ಮಕ ಶಕ್ತಿಯನ್ನು ಆಕರ್ಷಿಸುತ್ತದೆ. ಇದು ನಿದ್ರಾಹೀನತೆ, ಮಾನಸಿಕ ಒತ್ತಡ ಮತ್ತು ದಾಂಪತ್ಯ ಕಲಹಗಳಿಗೆ ಕಾರಣವಾಗಬಹುದು.

ಕನ್ನಡಿಯನ್ನು ಕೇಗೆಯಲು ಸಾಧ್ಯವಾಗದಿದ್ದರೆ, ರಾತ್ರಿ ಮಲಗುವ ಮೊದಲು ಅದನ್ನು ಬಟ್ಟೆಯಿಂದ ಮುಚ್ಚಿ ಅಥವಾ ಬೇರೆ ದಿಕ್ಕಿನಲ್ಲಿ ಇಡಿ. ಎಲೆಕ್ಟ್ರಾನಿಕ್ ಉಪಕರಣಗಳು ಟಿವಿ, ಲ್ಯಾಪ್‌ಟಾಪ್, ಮೊಬೈಲ್ ಚಾರ್ಜರ್ ಅಥವಾ ಇತರ ಎಲೆಕ್ಟ್ರಾನಿಕ್ ಸಾಧನಗಳನ್ನು ಮಲಗುವ ಕೋಣೆಯಲ್ಲಿ ಇಡುವುದನ್ನು ತಪ್ಪಿಸಿ. ಈ ಉಪಕರಣಗಳು ಆರೋಗ್ಯಕ್ಕೆ ಹಾನಿಕಾರಕ ವಿದ್ಯುತ್ಕಾಂತೀಯ ಅಲೆಗಳನ್ನು

ಹೊರಸೂಸುತ್ತವೆ. ಇದು ಸಕಾರಾತ್ಮಕ ಶಕ್ತಿಗೆ ಅಡ್ಡಿಪಡಿಸುತ್ತದೆ. ಈ ವಸ್ತುಗಳನ್ನು ಮಲಗುವ ಕೋಣೆಯಿಂದ ಹೊರಗಿಡುವುದು ಉತ್ತಮ. ಅಗತ್ಯವಿದ್ದರೆ, ಮಲಗುವ ಮೊದಲು ಅವುಗಳನ್ನು ಆಫ್ ಮಾಡಿ ಅಥವಾ ಅನ್‌ಪ್ಲಗ್ ಮಾಡಿ. ಹಳೆಯ ಮತ್ತು ಹರಿದ ವಸ್ತುಗಳು ಹಳೆಯ ಬಟ್ಟೆಗಳು, ಮುರಿದ ಪೀಠೋಪಕರಣಗಳು, ಕೆಟ್ಟ ಎಲೆಕ್ಟ್ರಾನಿಕ್ ವಸ್ತುಗಳು ಅಥವಾ ಅನುಪಯುಕ್ತ ವಸ್ತುಗಳನ್ನು ಮಲಗುವ ಕೋಣೆಯಲ್ಲಿ

ಇಡುವುದರಿಂದ ಅಸ್ವಸ್ಥತೆ ಮತ್ತು ನಕಾರಾತ್ಮಕತೆ ಹೆಚ್ಚುತ್ತದೆ. ಇಂತಹ ವಸ್ತುಗಳು ಜೀವನದಲ್ಲಿ ಅಡೆತಡೆಗಳನ್ನು ಸೃಷ್ಟಿಸುತ್ತವೆ ಎಂದು ವಾಸ್ತು ಹೇಳುತ್ತದೆ. ಮಲಗುವ ಕೋಣೆಯನ್ನು ಯಾವಾಗಲೂ ಸ್ವಚ್ಛವಾಗಿ ಮತ್ತು ಅನಪೇಕ್ಷಿತ ವಸ್ತುಗಳಿಂದ ಮುಕ್ತವಾಗಿ ಇಡುವುದು ಮುಖ್ಯ. ಹರಿತವಾದ ವಸ್ತುಗಳು ಚಾಕು, ಕತ್ತರಿ ಅಥವಾ ಕತ್ತಿಯಂತಹ ಹರಿತವಾದ ವಸ್ತುಗಳನ್ನು ಮಲಗುವ ಕೋಣೆಯಲ್ಲಿ ಇಡುವುದು ಅಶುಭ ಎಂದು ಪರಿಗಣಿಸಲಾಗುತ್ತದೆ. ಇವು ಮಾನಸಿಕ ಒತ್ತಡ ಮತ್ತು ಸಂಬಂಧದಲ್ಲಿ ಘರ್ಷಣೆಗೆ ಕಾರಣವಾಗಬಹುದು. ಅಂತಹ ವಸ್ತುಗಳನ್ನು ಅಡುಗೆಮನೆಯಲ್ಲಿ ಅಥವಾ ಸುರಕ್ಷಿತ ಸ್ಥಳದಲ್ಲಿ ಇರಿಸುವುದು ಉತ್ತಮ. ನಕಾರಾತ್ಮಕ ಚಿತ್ರಗಳು ಹಿಂಸೆ, ಯುದ್ಧ, ಕಾಡು ಪ್ರಾಣಿಗಳು, ಅಳುತ್ತಿರುವ ಜನರು ಅಥವಾ ಭಯಾನಕ ದೃಶ್ಯಗಳನ್ನು ಒಳಗೊಂಡಿರುವ ಚಿತ್ರಗಳನ್ನು ಮಲಗುವ ಕೋಣೆಯಲ್ಲಿ ಹಾಕಬಾರದು. ಈ ಚಿತ್ರಗಳು ಮಾನಸಿಕ ಒತ್ತಡ ಮತ್ತು ನಿದ್ರೆಗೆ ಅಡ್ಡಿಪಡಿಸುತ್ತವೆ. ಬದಲಿಗೆ, ಪ್ರಕೃತಿ, ಹೂವುಗಳು ಅಥವಾ ಪ್ರೀತಿಯನ್ನು ಸಂಕೇತಿಸುವ ಸಕಾರಾತ್ಮಕ ಚಿತ್ರಗಳನ್ನು ಮಲಗುವ ಕೋಣೆಯಲ್ಲಿ ಇರಿಸಿ. ಪೂಜಾ ಸಾಮಗ್ರಿಗಳು ಮಲಗುವ ಕೋಣೆ ವಿಶ್ರಾಂತಿಯ ಸ್ಥಳವಾಗಿರುವುದರಿಂದ, ಅಲ್ಲಿ ದೇವಾಲಯ ಅಥವಾ ಪೂಜಾ ಸಾಮಗ್ರಿಗಳನ್ನು ಇಡುವುದು ಸೂಕ್ತವಲ್ಲ. ಇದು ನಿದ್ರೆಗೆ ಭಂಗ ತರುವುದರ ಜೊತೆಗೆ ಆಧ್ಯಾತ್ಮಿಕ ಶಕ್ತಿಗೆ ಅಗೌರವ ತೋರಿದಂತಾಗುತ್ತದೆ. ಪೂಜಾ ಸ್ಥಳವನ್ನು ಮನೆಯ ಈಶಾನ್ಯ ಮೂಲೆಯಲ್ಲಿ (ವಾಯುವ್ಯ ದಿಕ್ಕು) ನಿರ್ಮಿಸುವುದು ಶುಭವೆಂದು ಪರಿಗಣಿಸಲಾಗುತ್ತದೆ.
